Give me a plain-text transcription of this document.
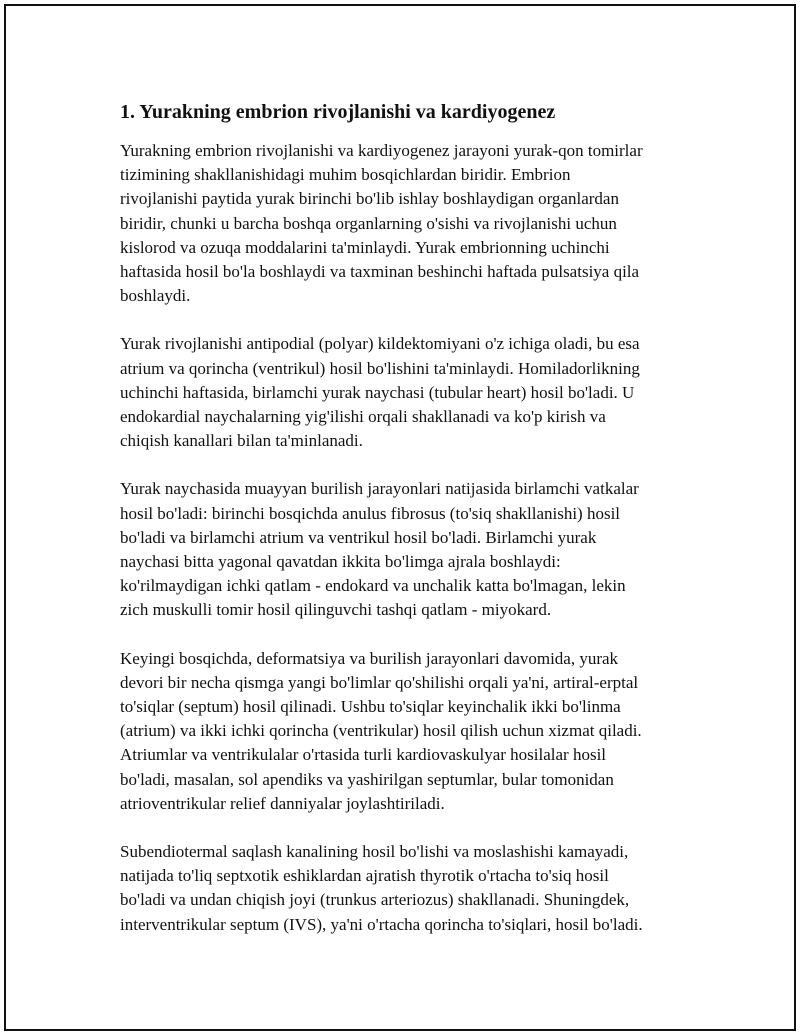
1. Yurakning embrion rivojlanishi va kardiyogenez

Yurakning embrion rivojlanishi va kardiyogenez jarayoni yurak-qon tomirlar
tizimining shakllanishidagi muhim bosqichlardan biridir. Embrion
rivojlanishi paytida yurak birinchi bo'lib ishlay boshlaydigan organlardan
biridir, chunki u barcha boshqa organlarning o'sishi va rivojlanishi uchun
kislorod va ozuqa moddalarini ta'minlaydi. Yurak embrionning uchinchi
haftasida hosil bo'la boshlaydi va taxminan beshinchi haftada pulsatsiya qila
boshlaydi.

Yurak rivojlanishi antipodial (polyar) kildektomiyani o'z ichiga oladi, bu esa
atrium va qorincha (ventrikul) hosil bo'lishini ta'minlaydi. Homiladorlikning
uchinchi haftasida, birlamchi yurak naychasi (tubular heart) hosil bo'ladi. U
endokardial naychalarning yig'ilishi orqali shakllanadi va ko'p kirish va
chiqish kanallari bilan ta'minlanadi.

Yurak naychasida muayyan burilish jarayonlari natijasida birlamchi vatkalar
hosil bo'ladi: birinchi bosqichda anulus fibrosus (to'siq shakllanishi) hosil
bo'ladi va birlamchi atrium va ventrikul hosil bo'ladi. Birlamchi yurak
naychasi bitta yagonal qavatdan ikkita bo'limga ajrala boshlaydi:
ko'rilmaydigan ichki qatlam - endokard va unchalik katta bo'lmagan, lekin
zich muskulli tomir hosil qilinguvchi tashqi qatlam - miyokard.

Keyingi bosqichda, deformatsiya va burilish jarayonlari davomida, yurak
devori bir necha qismga yangi bo'limlar qo'shilishi orqali ya'ni, artiral-erptal
to'siqlar (septum) hosil qilinadi. Ushbu to'siqlar keyinchalik ikki bo'linma
(atrium) va ikki ichki qorincha (ventrikular) hosil qilish uchun xizmat qiladi.
Atriumlar va ventrikulalar o'rtasida turli kardiovaskulyar hosilalar hosil
bo'ladi, masalan, sol apendiks va yashirilgan septumlar, bular tomonidan
atrioventrikular relief danniyalar joylashtiriladi.

Subendiotermal saqlash kanalining hosil bo'lishi va moslashishi kamayadi,
natijada to'liq septxotik eshiklardan ajratish thyrotik o'rtacha to'siq hosil
bo'ladi va undan chiqish joyi (trunkus arteriozus) shakllanadi. Shuningdek,
interventrikular septum (IVS), ya'ni o'rtacha qorincha to'siqlari, hosil bo'ladi.
